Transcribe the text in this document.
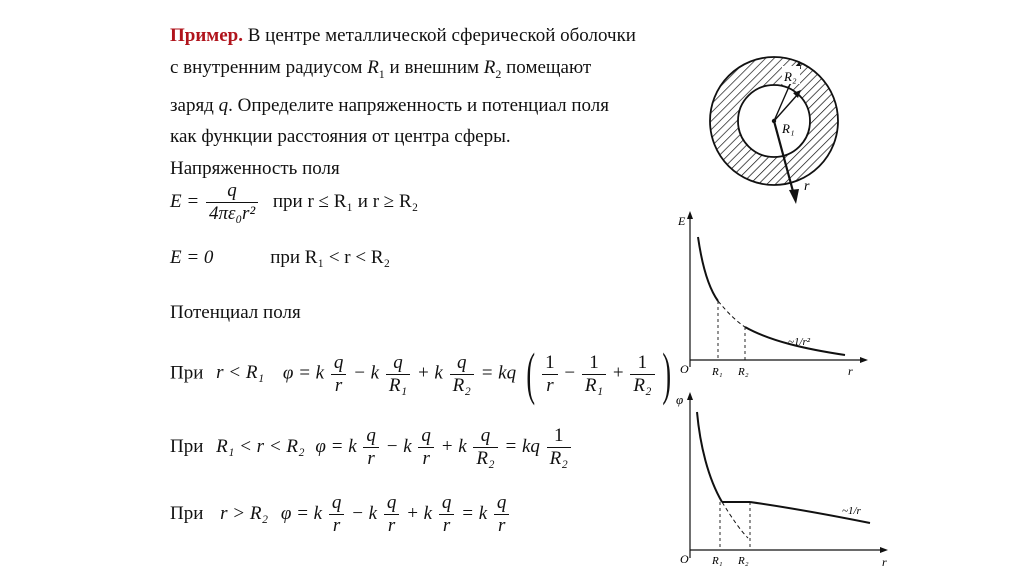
Пример. В центре металлической сферической оболочки
с внутренним радиусом $R_1$ и внешним $R_2$ помещают
заряд q. Определите напряженность и потенциал поля
как функции расстояния от центра сферы.
Напряженность поля
$E = \frac{q}{\text{4πε₀r²}}$ при r ≤ R₁ и r ≥ R₂
E = 0	при R₁ < r < R₂
Потенциал поля
При r < R₁ φ = k $\frac{q}{r} - k \frac{q}{\text{R₁}} + k \frac{q}{\text{R₂}}$ = kq ( $\frac{1}{r} - \frac{1}{\text{R₁}} + \frac{1}{\text{R₂}}$ )
При R₁ < r < R₂ φ = k $\frac{q}{r} - k \frac{q}{r} + k \frac{q}{\text{R₂}}$ = kq $\frac{1}{\text{R₂}}$
При r > R₂ φ = k $\frac{q}{r} - k \frac{q}{r} + k \frac{q}{r} = k \frac{q}{r}$
R₂
R₁
r
E
r
O R₁ R₂
~1/r²
φ
r
O R₁ R₂
~1/r
